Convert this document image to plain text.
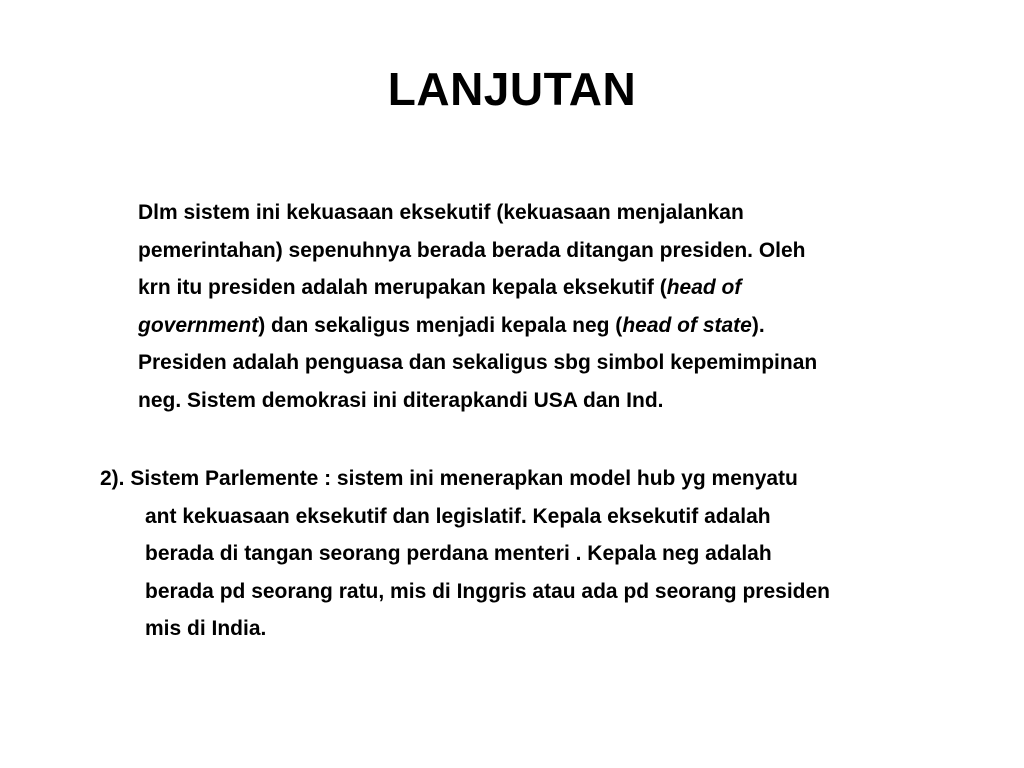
LANJUTAN
Dlm sistem ini kekuasaan eksekutif (kekuasaan menjalankan
pemerintahan) sepenuhnya berada berada ditangan presiden. Oleh
krn itu presiden adalah merupakan kepala eksekutif (head of
government) dan sekaligus menjadi kepala neg (head of state).
Presiden adalah penguasa dan sekaligus sbg simbol kepemimpinan
neg. Sistem demokrasi ini diterapkandi USA dan Ind.
2). Sistem Parlemente : sistem ini menerapkan model hub yg menyatu
ant kekuasaan eksekutif dan legislatif. Kepala eksekutif adalah
berada di tangan seorang perdana menteri . Kepala neg adalah
berada pd seorang ratu, mis di Inggris atau ada pd seorang presiden
mis di India.
